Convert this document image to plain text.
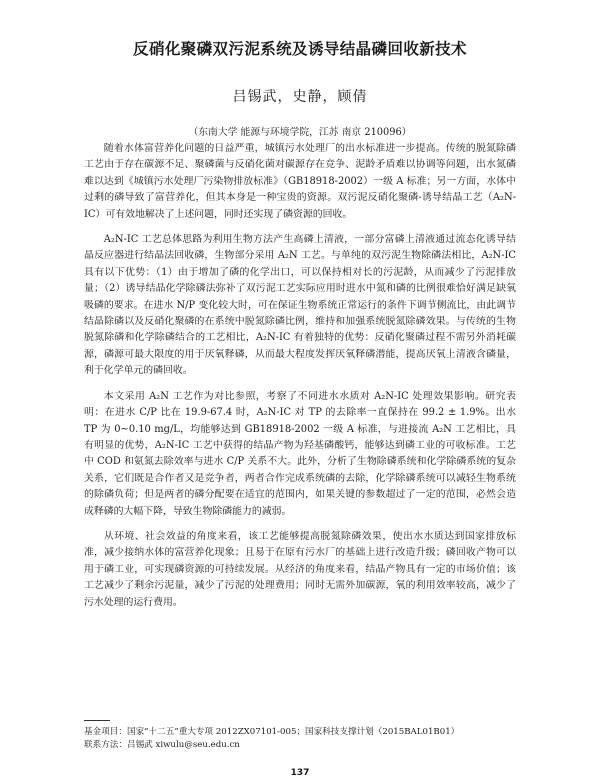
反硝化聚磷双污泥系统及诱导结晶磷回收新技术
吕锡武，史静，顾倩
（东南大学 能源与环境学院，江苏 南京 210096）

随着水体富营养化问题的日益严重，城镇污水处理厂的出水标准进一步提高。传统的脱氮除磷工艺由于存在碳源不足、聚磷菌与反硝化菌对碳源存在竞争、泥龄矛盾难以协调等问题，出水氮磷难以达到《城镇污水处理厂污染物排放标准》（GB18918-2002）一级 A 标准；另一方面，水体中过剩的磷导致了富营养化，但其本身是一种宝贵的资源。双污泥反硝化聚磷-诱导结晶工艺（A₂N-IC）可有效地解决了上述问题，同时还实现了磷资源的回收。

A₂N-IC 工艺总体思路为利用生物方法产生高磷上清液，一部分富磷上清液通过流态化诱导结晶反应器进行结晶法回收磷，生物部分采用 A₂N 工艺。与单纯的双污泥生物除磷法相比，A₂N-IC 具有以下优势：（1）由于增加了磷的化学出口，可以保持相对长的污泥龄，从而减少了污泥排放量；（2）诱导结晶化学除磷法弥补了双污泥工艺实际应用时进水中氮和磷的比例很难恰好满足缺氧吸磷的要求。在进水 N/P 变化较大时，可在保证生物系统正常运行的条件下调节侧流比，由此调节结晶除磷以及反硝化聚磷的在系统中脱氮除磷比例，维持和加强系统脱氮除磷效果。与传统的生物脱氮除磷和化学除磷结合的工艺相比，A₂N-IC 有着独特的优势：反硝化聚磷过程不需另外消耗碳源，磷源可最大限度的用于厌氧释磷，从而最大程度发挥厌氧释磷潜能，提高厌氧上清液含磷量，利于化学单元的磷回收。

本文采用 A₂N 工艺作为对比参照，考察了不同进水水质对 A₂N-IC 处理效果影响。研究表明：在进水 C/P 比在 19.9-67.4 时，A₂N-IC 对 TP 的去除率一直保持在 99.2 ± 1.9%。出水 TP 为 0~0.10 mg/L，均能够达到 GB18918-2002 一级 A 标准，与进接流 A₂N 工艺相比，具有明显的优势，A₂N-IC 工艺中获得的结晶产物为羟基磷酸钙，能够达到磷工业的可收标准。工艺中 COD 和氨氮去除效率与进水 C/P 关系不大。此外，分析了生物除磷系统和化学除磷系统的复杂关系，它们既是合作者又是竞争者，两者合作完成系统磷的去除，化学除磷系统可以减轻生物系统的除磷负荷；但是两者的磷分配要在适宜的范围内，如果关键的参数超过了一定的范围，必然会造成释磷的大幅下降，导致生物除磷能力的减弱。

从环境、社会效益的角度来看，该工艺能够提高脱氮除磷效果，使出水水质达到国家排放标准，减少接纳水体的富营养化现象；且易于在原有污水厂的基础上进行改造升级；磷回收产物可以用于磷工业，可实现磷资源的可持续发展。从经济的角度来看，结晶产物具有一定的市场价值；该工艺减少了剩余污泥量，减少了污泥的处理费用；同时无需外加碳源，氧的利用效率较高，减少了污水处理的运行费用。

基金项目：国家“十二五”重大专项 2012ZX07101-005；国家科技支撑计划（2015BAL01B01）
联系方法：吕锡武 xiwulu@seu.edu.cn
137
